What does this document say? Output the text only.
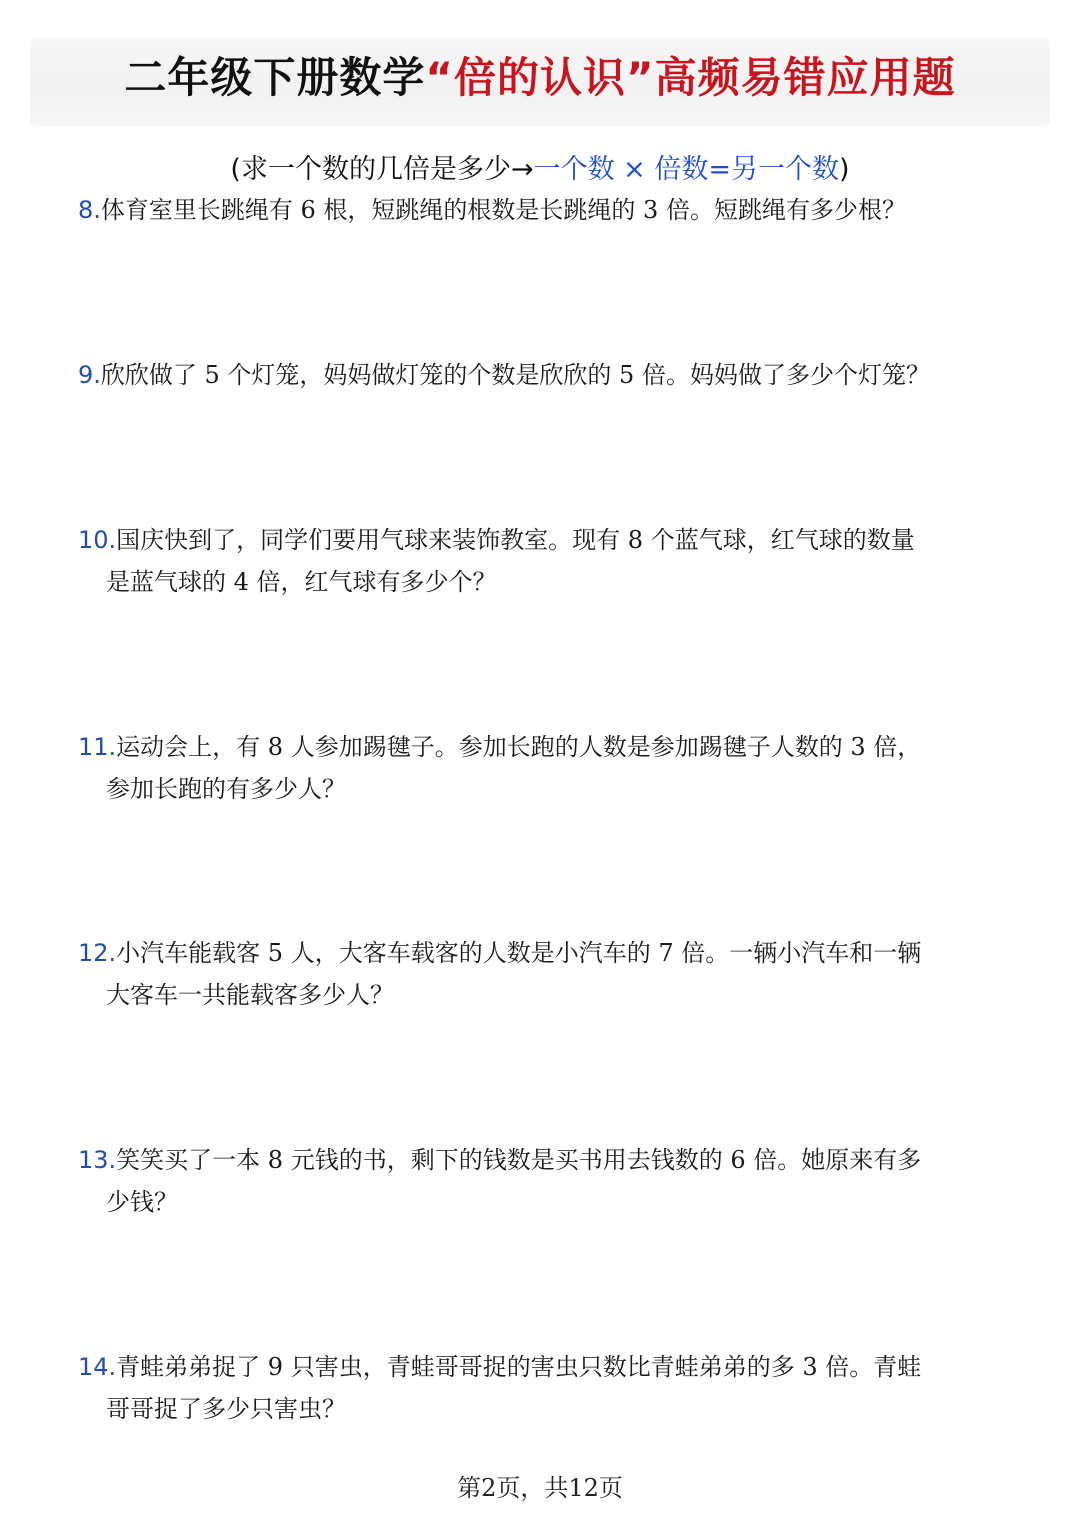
二年级下册数学“倍的认识”高频易错应用题
(求一个数的几倍是多少→一个数 × 倍数=另一个数)
8.体育室里长跳绳有 6 根，短跳绳的根数是长跳绳的 3 倍。短跳绳有多少根？
9.欣欣做了 5 个灯笼，妈妈做灯笼的个数是欣欣的 5 倍。妈妈做了多少个灯笼？
10.国庆快到了，同学们要用气球来装饰教室。现有 8 个蓝气球，红气球的数量
是蓝气球的 4 倍，红气球有多少个？
11.运动会上，有 8 人参加踢毽子。参加长跑的人数是参加踢毽子人数的 3 倍，
参加长跑的有多少人？
12.小汽车能载客 5 人，大客车载客的人数是小汽车的 7 倍。一辆小汽车和一辆
大客车一共能载客多少人？
13.笑笑买了一本 8 元钱的书，剩下的钱数是买书用去钱数的 6 倍。她原来有多
少钱？
14.青蛙弟弟捉了 9 只害虫，青蛙哥哥捉的害虫只数比青蛙弟弟的多 3 倍。青蛙
哥哥捉了多少只害虫？
第2页，共12页
